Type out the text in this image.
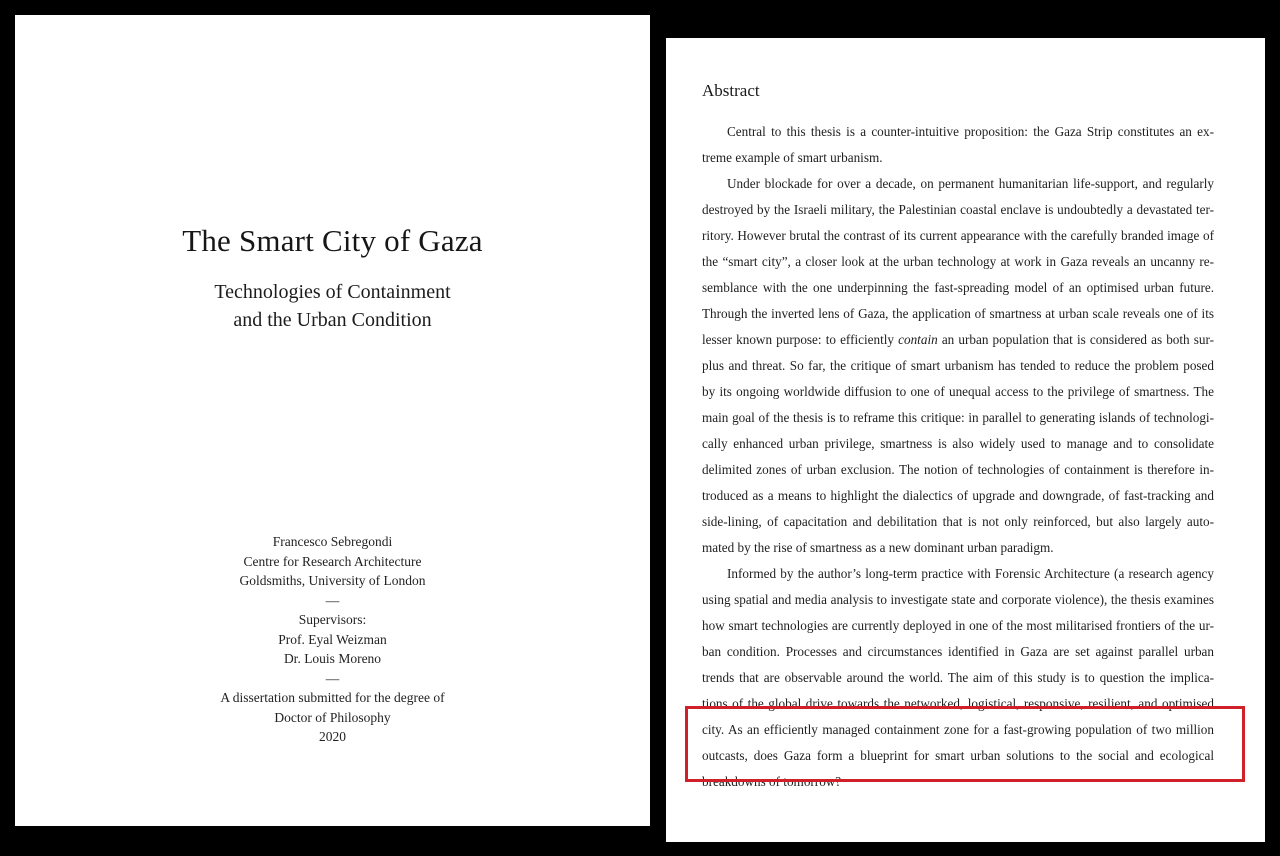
The Smart City of Gaza
Technologies of Containment
and the Urban Condition
Francesco Sebregondi
Centre for Research Architecture
Goldsmiths, University of London
—
Supervisors:
Prof. Eyal Weizman
Dr. Louis Moreno
—
A dissertation submitted for the degree of
Doctor of Philosophy
2020
Abstract
Central to this thesis is a counter-intuitive proposition: the Gaza Strip constitutes an ex-
treme example of smart urbanism.
Under blockade for over a decade, on permanent humanitarian life-support, and regularly
destroyed by the Israeli military, the Palestinian coastal enclave is undoubtedly a devastated ter-
ritory. However brutal the contrast of its current appearance with the carefully branded image of
the “smart city”, a closer look at the urban technology at work in Gaza reveals an uncanny re-
semblance with the one underpinning the fast-spreading model of an optimised urban future.
Through the inverted lens of Gaza, the application of smartness at urban scale reveals one of its
lesser known purpose: to efficiently contain an urban population that is considered as both sur-
plus and threat. So far, the critique of smart urbanism has tended to reduce the problem posed
by its ongoing worldwide diffusion to one of unequal access to the privilege of smartness. The
main goal of the thesis is to reframe this critique: in parallel to generating islands of technologi-
cally enhanced urban privilege, smartness is also widely used to manage and to consolidate
delimited zones of urban exclusion. The notion of technologies of containment is therefore in-
troduced as a means to highlight the dialectics of upgrade and downgrade, of fast-tracking and
side-lining, of capacitation and debilitation that is not only reinforced, but also largely auto-
mated by the rise of smartness as a new dominant urban paradigm.
Informed by the author’s long-term practice with Forensic Architecture (a research agency
using spatial and media analysis to investigate state and corporate violence), the thesis examines
how smart technologies are currently deployed in one of the most militarised frontiers of the ur-
ban condition. Processes and circumstances identified in Gaza are set against parallel urban
trends that are observable around the world. The aim of this study is to question the implica-
tions of the global drive towards the networked, logistical, responsive, resilient, and optimised
city. As an efficiently managed containment zone for a fast-growing population of two million
outcasts, does Gaza form a blueprint for smart urban solutions to the social and ecological
breakdowns of tomorrow?
